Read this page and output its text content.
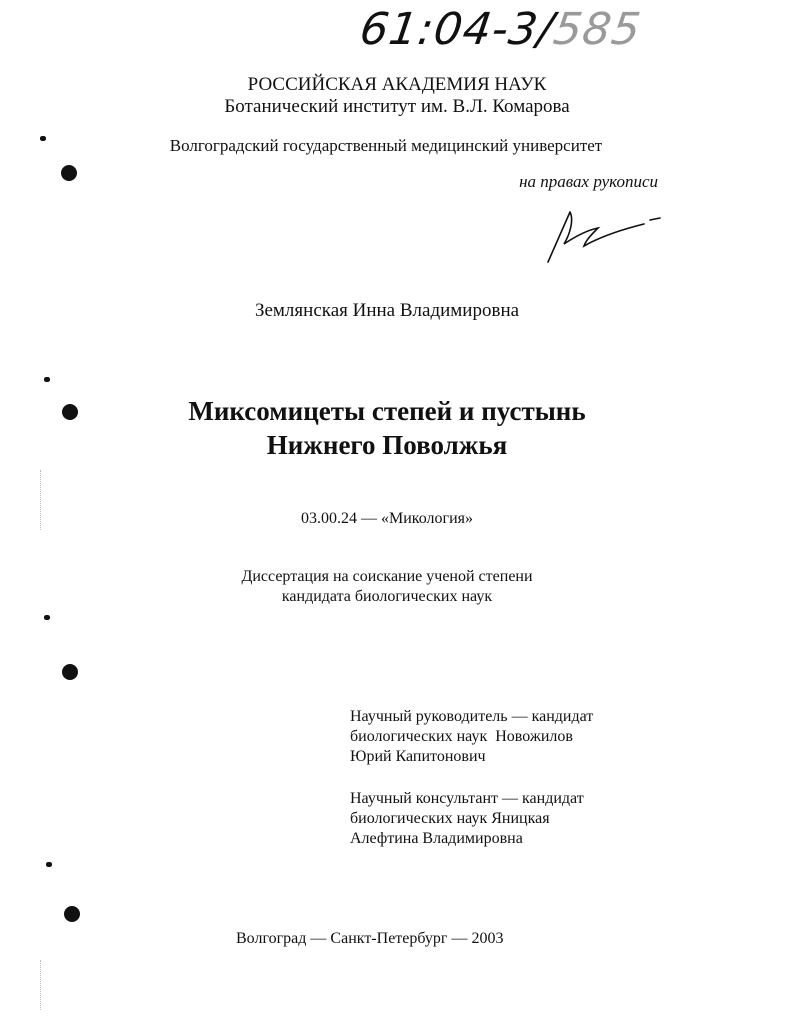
61:04-3/585
РОССИЙСКАЯ АКАДЕМИЯ НАУК
Ботанический институт им. В.Л. Комарова
Волгоградский государственный медицинский университет
на правах рукописи
Землянская Инна Владимировна
Миксомицеты степей и пустынь
Нижнего Поволжья
03.00.24 — «Микология»
Диссертация на соискание ученой степени
кандидата биологических наук
Научный руководитель — кандидат
биологических наук  Новожилов
Юрий Капитонович
Научный консультант — кандидат
биологических наук Яницкая
Алефтина Владимировна
Волгоград — Санкт-Петербург — 2003
